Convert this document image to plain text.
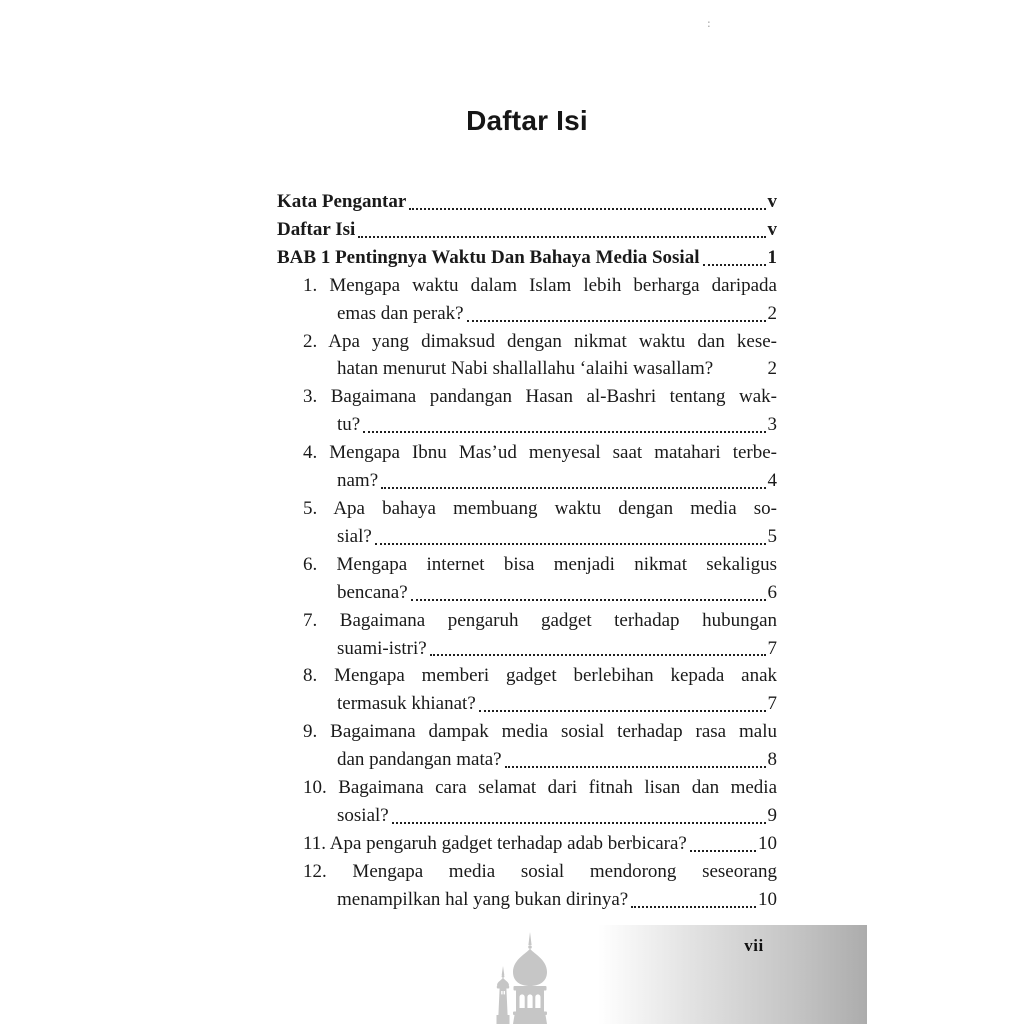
:
Daftar Isi
Kata Pengantar	v
Daftar Isi	v
BAB 1 Pentingnya Waktu Dan Bahaya Media Sosial	1
1. Mengapa waktu dalam Islam lebih berharga daripada
emas dan perak?	2
2. Apa yang dimaksud dengan nikmat waktu dan kese-
hatan menurut Nabi shallallahu ‘alaihi wasallam?	2
3. Bagaimana pandangan Hasan al-Bashri tentang wak-
tu?	3
4. Mengapa Ibnu Mas’ud menyesal saat matahari terbe-
nam?	4
5. Apa bahaya membuang waktu dengan media so-
sial?	5
6. Mengapa internet bisa menjadi nikmat sekaligus
bencana?	6
7. Bagaimana pengaruh gadget terhadap hubungan
suami-istri?	7
8. Mengapa memberi gadget berlebihan kepada anak
termasuk khianat?	7
9. Bagaimana dampak media sosial terhadap rasa malu
dan pandangan mata?	8
10. Bagaimana cara selamat dari fitnah lisan dan media
sosial?	9
11. Apa pengaruh gadget terhadap adab berbicara?	10
12. Mengapa media sosial mendorong seseorang
menampilkan hal yang bukan dirinya?	10
vii
